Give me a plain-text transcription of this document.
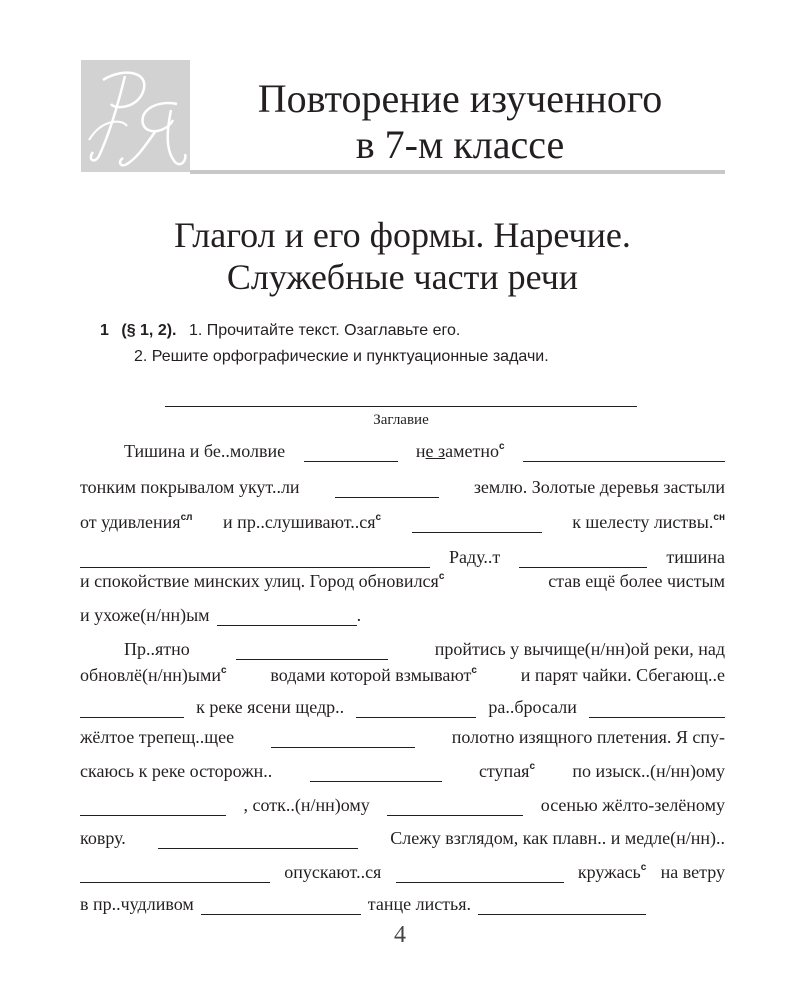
Повторение изученного
в 7-м классе
Глагол и его формы. Наречие.
Служебные части речи
1 (§ 1, 2). 1. Прочитайте текст. Озаглавьте его.
2. Решите орфографические и пунктуационные задачи.
Заглавие
Тишина и бе..молвие	не заметно$^с$
тонким покрывалом укут..ли	землю. Золотые деревья застыли
от удивления$^{сл}$ и $пр..слушивают..ся^с$	к шелесту листвы.$^{сн}$
Раду..т	тишина
и спокойствие минских улиц. Город обновился$^с$	став ещё более чистым
и ухоже(н/нн)ым	.
Пр..ятно	пройтись у вычище(н/нн)ой реки, над
обновлё(н/нн)ыми$^с$ водами которой взмывают$^с$ и парят чайки. Сбегающ..е
к реке ясени щедр..	ра..бросали
жёлтое трепещ..щее	полотно изящного плетения. Я спу-
скаюсь к реке осторожн..	ступая$^с$ по изыск..(н/нн)ому
, сотк..(н/нн)ому	осенью жёлто-зелёному
ковру.	Слежу взглядом, как плавн.. и медле(н/нн)..
опускают..ся	кружась$^с$ на ветру
в пр..чудливом	танце листья.
4
